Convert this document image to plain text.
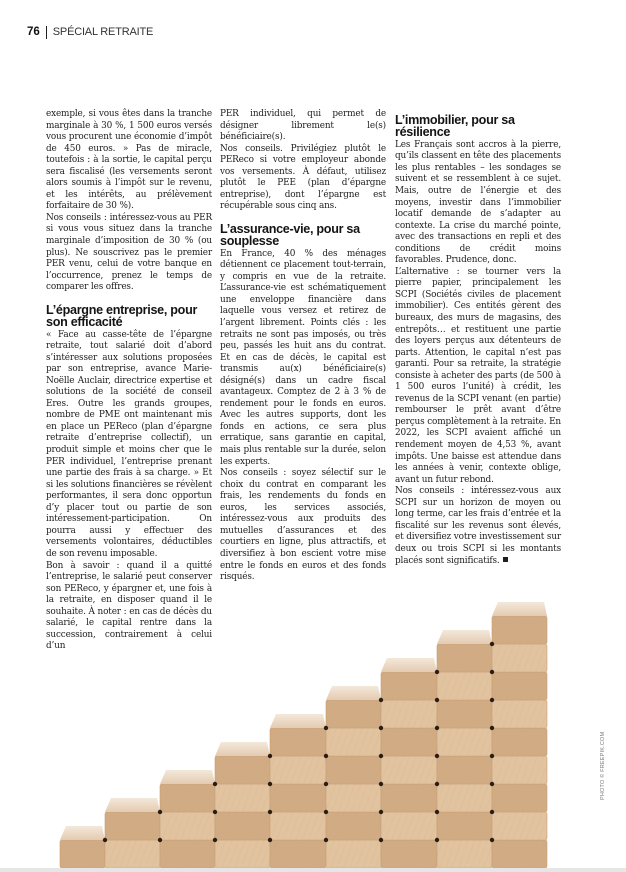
76 SPÉCIAL RETRAITE

exemple, si vous êtes dans la tranche marginale à 30 %, 1 500 euros versés vous procurent une économie d’impôt de 450 euros. » Pas de miracle, toutefois : à la sortie, le capital perçu sera fiscalisé (les versements seront alors soumis à l’impôt sur le revenu, et les intérêts, au prélèvement forfaitaire de 30 %).

Nos conseils : intéressez-vous au PER si vous vous situez dans la tranche marginale d’imposition de 30 % (ou plus). Ne souscrivez pas le premier PER venu, celui de votre banque en l’occurrence, prenez le temps de comparer les offres.

L’épargne entreprise, pour son efficacité

« Face au casse-tête de l’épargne retraite, tout salarié doit d’abord s’intéresser aux solutions proposées par son entreprise, avance Marie-Noëlle Auclair, directrice expertise et solutions de la société de conseil Eres. Outre les grands groupes, nombre de PME ont maintenant mis en place un PEReco (plan d’épargne retraite d’entreprise collectif), un produit simple et moins cher que le PER individuel, l’entreprise prenant une partie des frais à sa charge. » Et si les solutions financières se révèlent performantes, il sera donc opportun d’y placer tout ou partie de son intéressement-participation. On pourra aussi y effectuer des versements volontaires, déductibles de son revenu imposable.

Bon à savoir : quand il a quitté l’entreprise, le salarié peut conserver son PEReco, y épargner et, une fois à la retraite, en disposer quand il le souhaite. À noter : en cas de décès du salarié, le capital rentre dans la succession, contrairement à celui d’un

PER individuel, qui permet de désigner librement le(s) bénéficiaire(s).

Nos conseils. Privilégiez plutôt le PEReco si votre employeur abonde vos versements. À défaut, utilisez plutôt le PEE (plan d’épargne entreprise), dont l’épargne est récupérable sous cinq ans.

L’assurance-vie, pour sa souplesse

En France, 40 % des ménages détiennent ce placement tout-terrain, y compris en vue de la retraite. L’assurance-vie est schématiquement une enveloppe financière dans laquelle vous versez et retirez de l’argent librement. Points clés : les retraits ne sont pas imposés, ou très peu, passés les huit ans du contrat. Et en cas de décès, le capital est transmis au(x) bénéficiaire(s) désigné(s) dans un cadre fiscal avantageux. Comptez de 2 à 3 % de rendement pour le fonds en euros. Avec les autres supports, dont les fonds en actions, ce sera plus erratique, sans garantie en capital, mais plus rentable sur la durée, selon les experts.

Nos conseils : soyez sélectif sur le choix du contrat en comparant les frais, les rendements du fonds en euros, les services associés, intéressez-vous aux produits des mutuelles d’assurances et des courtiers en ligne, plus attractifs, et diversifiez à bon escient votre mise entre le fonds en euros et des fonds risqués.

L’immobilier, pour sa résilience

Les Français sont accros à la pierre, qu’ils classent en tête des placements les plus rentables – les sondages se suivent et se ressemblent à ce sujet. Mais, outre de l’énergie et des moyens, investir dans l’immobilier locatif demande de s’adapter au contexte. La crise du marché pointe, avec des transactions en repli et des conditions de crédit moins favorables. Prudence, donc.

L’alternative : se tourner vers la pierre papier, principalement les SCPI (Sociétés civiles de placement immobilier). Ces entités gèrent des bureaux, des murs de magasins, des entrepôts… et restituent une partie des loyers perçus aux détenteurs de parts. Attention, le capital n’est pas garanti. Pour sa retraite, la stratégie consiste à acheter des parts (de 500 à 1 500 euros l’unité) à crédit, les revenus de la SCPI venant (en partie) rembourser le prêt avant d’être perçus complètement à la retraite. En 2022, les SCPI avaient affiché un rendement moyen de 4,53 %, avant impôts. Une baisse est attendue dans les années à venir, contexte oblige, avant un futur rebond.

Nos conseils : intéressez-vous aux SCPI sur un horizon de moyen ou long terme, car les frais d’entrée et la fiscalité sur les revenus sont élevés, et diversifiez votre investissement sur deux ou trois SCPI si les montants placés sont significatifs.

PHOTO © FREEPIK.COM
